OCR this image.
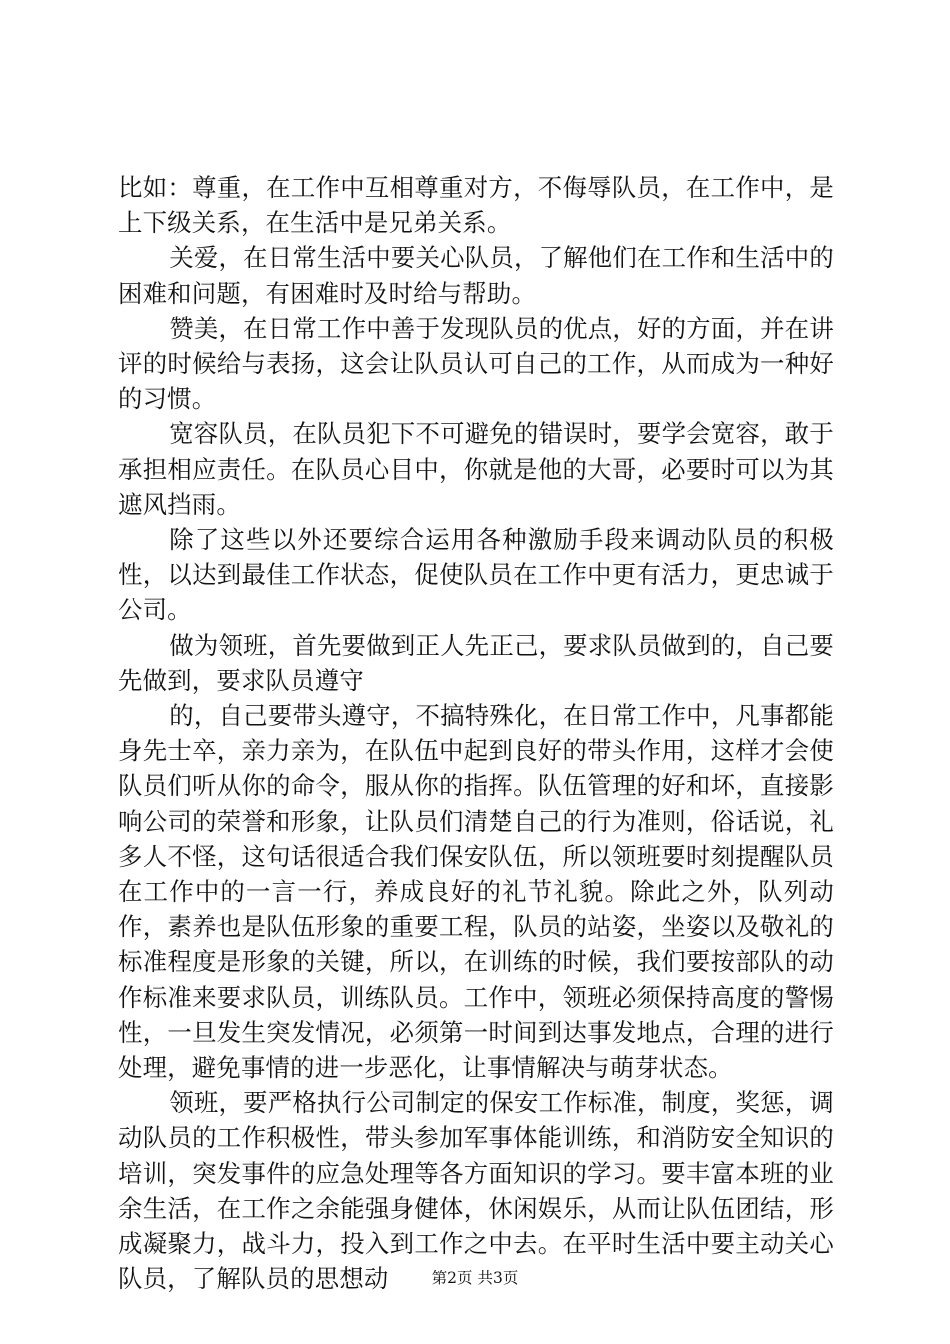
比如：尊重，在工作中互相尊重对方，不侮辱队员，在工作中，是上下级关系，在生活中是兄弟关系。

关爱，在日常生活中要关心队员，了解他们在工作和生活中的困难和问题，有困难时及时给与帮助。

赞美，在日常工作中善于发现队员的优点，好的方面，并在讲评的时候给与表扬，这会让队员认可自己的工作，从而成为一种好的习惯。

宽容队员，在队员犯下不可避免的错误时，要学会宽容，敢于承担相应责任。在队员心目中，你就是他的大哥，必要时可以为其遮风挡雨。

除了这些以外还要综合运用各种激励手段来调动队员的积极性，以达到最佳工作状态，促使队员在工作中更有活力，更忠诚于公司。

做为领班，首先要做到正人先正己，要求队员做到的，自己要先做到，要求队员遵守

的，自己要带头遵守，不搞特殊化，在日常工作中，凡事都能身先士卒，亲力亲为，在队伍中起到良好的带头作用，这样才会使队员们听从你的命令，服从你的指挥。队伍管理的好和坏，直接影响公司的荣誉和形象，让队员们清楚自己的行为准则，俗话说，礼多人不怪，这句话很适合我们保安队伍，所以领班要时刻提醒队员在工作中的一言一行，养成良好的礼节礼貌。除此之外，队列动作，素养也是队伍形象的重要工程，队员的站姿，坐姿以及敬礼的标准程度是形象的关键，所以，在训练的时候，我们要按部队的动作标准来要求队员，训练队员。工作中，领班必须保持高度的警惕性，一旦发生突发情况，必须第一时间到达事发地点，合理的进行处理，避免事情的进一步恶化，让事情解决与萌芽状态。

领班，要严格执行公司制定的保安工作标准，制度，奖惩，调动队员的工作积极性，带头参加军事体能训练，和消防安全知识的培训，突发事件的应急处理等各方面知识的学习。要丰富本班的业余生活，在工作之余能强身健体，休闲娱乐，从而让队伍团结，形成凝聚力，战斗力，投入到工作之中去。在平时生活中要主动关心队员，了解队员的思想动	第2页 共3页
